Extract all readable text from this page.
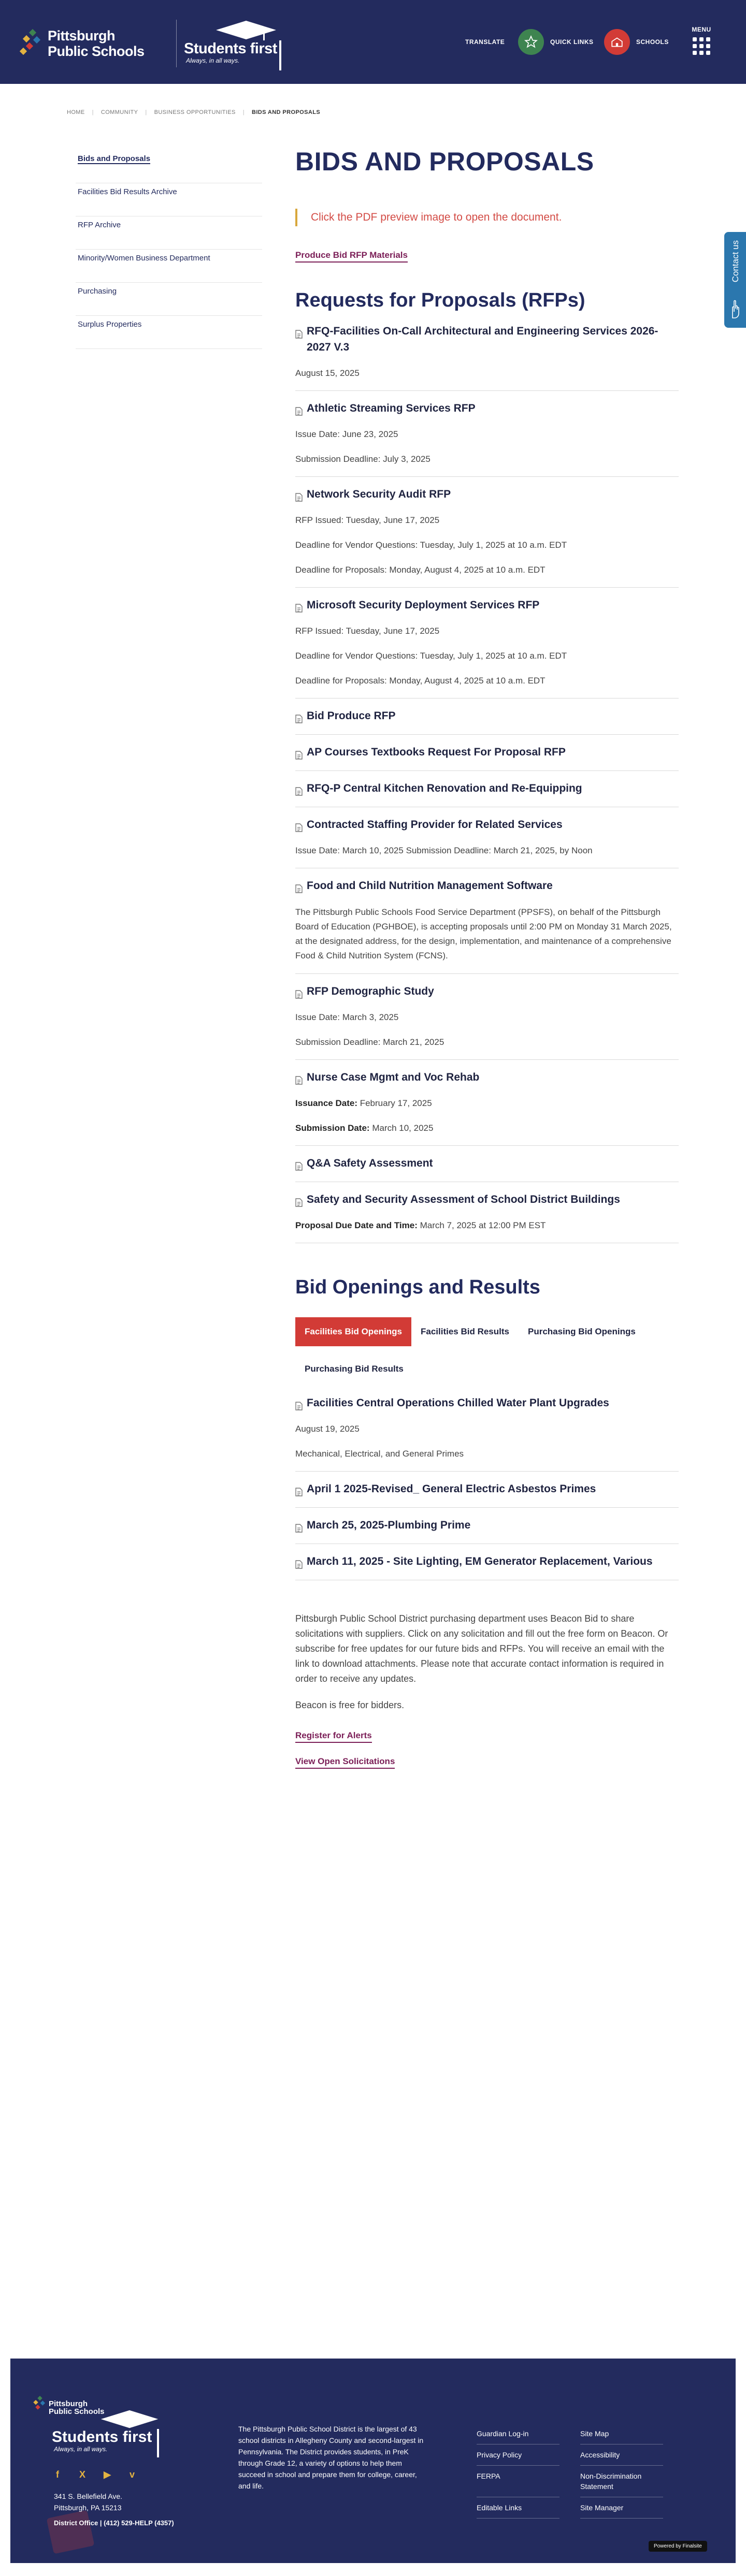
Pittsburgh
Public Schools	Students first
Always, in all ways.
TRANSLATE	QUICK LINKS	SCHOOLS
MENU
HOME | COMMUNITY | BUSINESS OPPORTUNITIES | BIDS AND PROPOSALS
Bids and Proposals
Facilities Bid Results Archive
RFP Archive
Minority/Women Business Department
Purchasing
Surplus Properties
BIDS AND PROPOSALS
Click the PDF preview image to open the document.
Produce Bid RFP Materials
Requests for Proposals (RFPs)
RFQ-Facilities On-Call Architectural and Engineering Services 2026-2027 V.3
August 15, 2025
Athletic Streaming Services RFP
Issue Date: June 23, 2025
Submission Deadline: July 3, 2025
Network Security Audit RFP
RFP Issued: Tuesday, June 17, 2025
Deadline for Vendor Questions: Tuesday, July 1, 2025 at 10 a.m. EDT
Deadline for Proposals: Monday, August 4, 2025 at 10 a.m. EDT
Microsoft Security Deployment Services RFP
RFP Issued: Tuesday, June 17, 2025
Deadline for Vendor Questions: Tuesday, July 1, 2025 at 10 a.m. EDT
Deadline for Proposals: Monday, August 4, 2025 at 10 a.m. EDT
Bid Produce RFP
AP Courses Textbooks Request For Proposal RFP
RFQ-P Central Kitchen Renovation and Re-Equipping
Contracted Staffing Provider for Related Services
Issue Date: March 10, 2025 Submission Deadline: March 21, 2025, by Noon
Food and Child Nutrition Management Software
The Pittsburgh Public Schools Food Service Department (PPSFS), on behalf of the Pittsburgh Board of Education (PGHBOE), is accepting proposals until 2:00 PM on Monday 31 March 2025, at the designated address, for the design, implementation, and maintenance of a comprehensive Food & Child Nutrition System (FCNS).
RFP Demographic Study
Issue Date: March 3, 2025
Submission Deadline: March 21, 2025
Nurse Case Mgmt and Voc Rehab
Issuance Date: February 17, 2025
Submission Date: March 10, 2025
Q&A Safety Assessment
Safety and Security Assessment of School District Buildings
Proposal Due Date and Time: March 7, 2025 at 12:00 PM EST
Bid Openings and Results
Facilities Bid Openings	Facilities Bid Results	Purchasing Bid Openings
Purchasing Bid Results
Facilities Central Operations Chilled Water Plant Upgrades
August 19, 2025
Mechanical, Electrical, and General Primes
April 1 2025-Revised_ General Electric Asbestos Primes
March 25, 2025-Plumbing Prime
March 11, 2025 - Site Lighting, EM Generator Replacement, Various

Pittsburgh Public School District purchasing department uses Beacon Bid to share solicitations with suppliers. Click on any solicitation and fill out the free form on Beacon. Or subscribe for free updates for our future bids and RFPs. You will receive an email with the link to download attachments. Please note that accurate contact information is required in order to receive any updates.

Beacon is free for bidders.

Register for Alerts
View Open Solicitations
Contact us
Pittsburgh
Public Schools
Students first
Always, in all ways.
f	X ▶	v
341 S. Bellefield Ave.
Pittsburgh, PA 15213
District Office | (412) 529-HELP (4357)

The Pittsburgh Public School District is the largest of 43 school districts in Allegheny County and second-largest in Pennsylvania. The District provides students, in PreK through Grade 12, a variety of options to help them succeed in school and prepare them for college, career, and life.

Guardian Log-in	Site Map
Privacy Policy	Accessibility
FERPA	Non-Discrimination Statement
Editable Links	Site Manager
Powered by Finalsite
